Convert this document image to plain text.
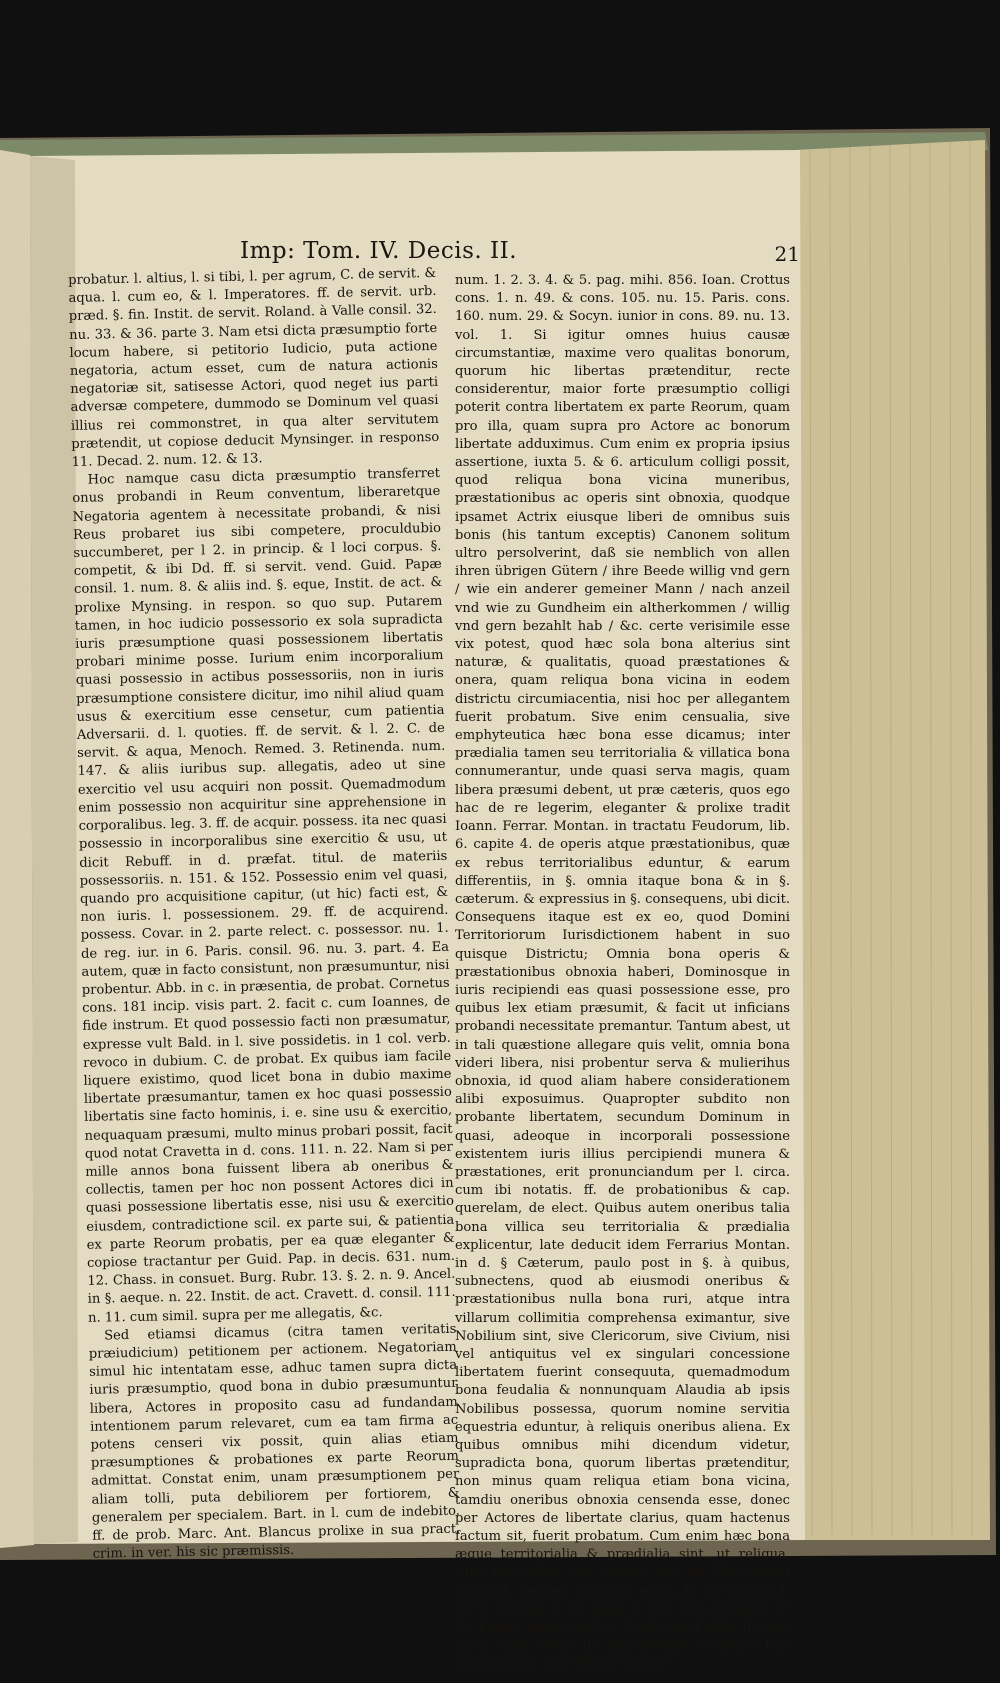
Imp: Tom. IV. Decis. II.	21

probatur. l. altius, l. si tibi, l. per agrum, C. de servit. & aqua. l. cum eo, & l. Imperatores. ff. de servit. urb. præd. §. fin. Instit. de servit. Roland. à Valle consil. 32. nu. 33. & 36. parte 3. Nam etsi dicta præsumptio forte locum habere, si petitorio Iudicio, puta actione negatoria, actum esset, cum de natura actionis negatoriæ sit, satisesse Actori, quod neget ius parti adversæ competere, dummodo se Dominum vel quasi illius rei commonstret, in qua alter servitutem prætendit, ut copiose deducit Mynsinger. in responso 11. Decad. 2. num. 12. & 13.

Hoc namque casu dicta præsumptio transferret onus probandi in Reum conventum, liberaretque Negatoria agentem à necessitate probandi, & nisi Reus probaret ius sibi competere, proculdubio succumberet, per l 2. in princip. & l loci corpus. §. competit, & ibi Dd. ff. si servit. vend. Guid. Papæ consil. 1. num. 8. & aliis ind. §. eque, Instit. de act. & prolixe Mynsing. in respon. so quo sup. Putarem tamen, in hoc iudicio possessorio ex sola supradicta iuris præsumptione quasi possessionem libertatis probari minime posse. Iurium enim incorporalium quasi possessio in actibus possessoriis, non in iuris præsumptione consistere dicitur, imo nihil aliud quam usus & exercitium esse censetur, cum patientia Adversarii. d. l. quoties. ff. de servit. & l. 2. C. de servit. & aqua, Menoch. Remed. 3. Retinenda. num. 147. & aliis iuribus sup. allegatis, adeo ut sine exercitio vel usu acquiri non possit. Quemadmodum enim possessio non acquiritur sine apprehensione in corporalibus. leg. 3. ff. de acquir. possess. ita nec quasi possessio in incorporalibus sine exercitio & usu, ut dicit Rebuff. in d. præfat. titul. de materiis possessoriis. n. 151. & 152. Possessio enim vel quasi, quando pro acquisitione capitur, (ut hic) facti est, & non iuris. l. possessionem. 29. ff. de acquirend. possess. Covar. in 2. parte relect. c. possessor. nu. 1. de reg. iur. in 6. Paris. consil. 96. nu. 3. part. 4. Ea autem, quæ in facto consistunt, non præsumuntur, nisi probentur. Abb. in c. in præsentia, de probat. Cornetus cons. 181 incip. visis part. 2. facit c. cum Ioannes, de fide instrum. Et quod possessio facti non præsumatur, expresse vult Bald. in l. sive possidetis. in 1 col. verb. revoco in dubium. C. de probat. Ex quibus iam facile liquere existimo, quod licet bona in dubio maxime libertate præsumantur, tamen ex hoc quasi possessio libertatis sine facto hominis, i. e. sine usu & exercitio, nequaquam præsumi, multo minus probari possit, facit quod notat Cravetta in d. cons. 111. n. 22. Nam si per mille annos bona fuissent libera ab oneribus & collectis, tamen per hoc non possent Actores dici in quasi possessione libertatis esse, nisi usu & exercitio eiusdem, contradictione scil. ex parte sui, & patientia ex parte Reorum probatis, per ea quæ eleganter & copiose tractantur per Guid. Pap. in decis. 631. num. 12. Chass. in consuet. Burg. Rubr. 13. §. 2. n. 9. Ancel. in §. aeque. n. 22. Instit. de act. Cravett. d. consil. 111. n. 11. cum simil. supra per me allegatis, &c.

Sed etiamsi dicamus (citra tamen veritatis præiudicium) petitionem per actionem. Negatoriam simul hic intentatam esse, adhuc tamen supra dicta iuris præsumptio, quod bona in dubio præsumuntur libera, Actores in proposito casu ad fundandam intentionem parum relevaret, cum ea tam firma ac potens censeri vix possit, quin alias etiam præsumptiones & probationes ex parte Reorum admittat. Constat enim, unam præsumptionem per aliam tolli, puta debiliorem per fortiorem, & generalem per specialem. Bart. in l. cum de indebito. ff. de prob. Marc. Ant. Blancus prolixe in sua pract. crim. in ver. his sic præmissis.

num. 1. 2. 3. 4. & 5. pag. mihi. 856. Ioan. Crottus cons. 1. n. 49. & cons. 105. nu. 15. Paris. cons. 160. num. 29. & Socyn. iunior in cons. 89. nu. 13. vol. 1. Si igitur omnes huius causæ circumstantiæ, maxime vero qualitas bonorum, quorum hic libertas prætenditur, recte considerentur, maior forte præsumptio colligi poterit contra libertatem ex parte Reorum, quam pro illa, quam supra pro Actore ac bonorum libertate adduximus. Cum enim ex propria ipsius assertione, iuxta 5. & 6. articulum colligi possit, quod reliqua bona vicina muneribus, præstationibus ac operis sint obnoxia, quodque ipsamet Actrix eiusque liberi de omnibus suis bonis (his tantum exceptis) Canonem solitum ultro persolverint, daß sie nemblich von allen ihren übrigen Gütern / ihre Beede willig vnd gern / wie ein anderer gemeiner Mann / nach anzeil vnd wie zu Gundheim ein altherkommen / willig vnd gern bezahlt hab / &c. certe verisimile esse vix potest, quod hæc sola bona alterius sint naturæ, & qualitatis, quoad præstationes & onera, quam reliqua bona vicina in eodem districtu circumiacentia, nisi hoc per allegantem fuerit probatum. Sive enim censualia, sive emphyteutica hæc bona esse dicamus; inter prædialia tamen seu territorialia & villatica bona connumerantur, unde quasi serva magis, quam libera præsumi debent, ut præ cæteris, quos ego hac de re legerim, eleganter & prolixe tradit Ioann. Ferrar. Montan. in tractatu Feudorum, lib. 6. capite 4. de operis atque præstationibus, quæ ex rebus territorialibus eduntur, & earum differentiis, in §. omnia itaque bona & in §. cæterum. & expressius in §. consequens, ubi dicit. Consequens itaque est ex eo, quod Domini Territoriorum Iurisdictionem habent in suo quisque Districtu; Omnia bona operis & præstationibus obnoxia haberi, Dominosque in iuris recipiendi eas quasi possessione esse, pro quibus lex etiam præsumit, & facit ut inficians probandi necessitate premantur. Tantum abest, ut in tali quæstione allegare quis velit, omnia bona videri libera, nisi probentur serva & mulierihus obnoxia, id quod aliam habere considerationem alibi exposuimus. Quapropter subdito non probante libertatem, secundum Dominum in quasi, adeoque in incorporali possessione existentem iuris illius percipiendi munera & præstationes, erit pronunciandum per l. circa. cum ibi notatis. ff. de probationibus & cap. querelam, de elect. Quibus autem oneribus talia bona villica seu territorialia & prædialia explicentur, late deducit idem Ferrarius Montan. in d. § Cæterum, paulo post in §. à quibus, subnectens, quod ab eiusmodi oneribus & præstationibus nulla bona ruri, atque intra villarum collimitia comprehensa eximantur, sive Nobilium sint, sive Clericorum, sive Civium, nisi vel antiquitus vel ex singulari concessione libertatem fuerint consequuta, quemadmodum bona feudalia & nonnunquam Alaudia ab ipsis Nobilibus possessa, quorum nomine servitia equestria eduntur, à reliquis oneribus aliena. Ex quibus omnibus mihi dicendum videtur, supradicta bona, quorum libertas prætenditur, non minus quam reliqua etiam bona vicina, tamdiu oneribus obnoxia censenda esse, donec per Actores de libertate clarius, quam hactenus factum sit, fuerit probatum. Cum enim hæc bona æque territorialia & prædialia sint, ut reliqua, satis non video, cur diverso iure ab illis censeri debeant. per leg. eum qui ædes. ff. de usucap. l. ser §. Tyrann. ff. de legat. 2. & l. cum Fundum. ff. de Fundo instructo &c. Facit quod alibi dicitur, quod unus solus de universitate recusare non debet onera, quæ alii de univer-
